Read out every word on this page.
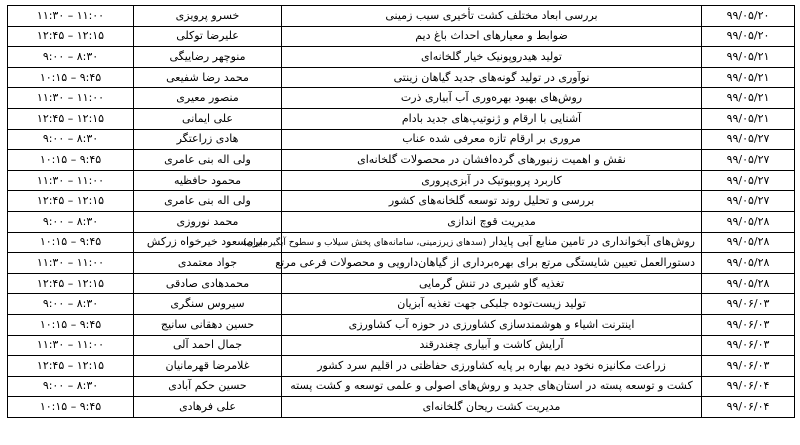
۱۱:۰۰ – ۱۱:۳۰	خسرو پرویزی	بررسی ابعاد مختلف کشت تأخیری سیب زمینی	۹۹/۰۵/۲۰
۱۲:۱۵ – ۱۲:۴۵	علیرضا توکلی	ضوابط و معیارهای احداث باغ دیم	۹۹/۰۵/۲۰
۸:۳۰ – ۹:۰۰	منوچهر رضاییگی	تولید هیدروپونیک خیار گلخانه‌ای	۹۹/۰۵/۲۱
۹:۴۵ – ۱۰:۱۵	محمد رضا شفیعی	نوآوری در تولید گونه‌های جدید گیاهان زینتی	۹۹/۰۵/۲۱
۱۱:۰۰ – ۱۱:۳۰	منصور معیری	روش‌های بهبود بهره‌وری آب آبیاری ذرت	۹۹/۰۵/۲۱
۱۲:۱۵ – ۱۲:۴۵	علی ایمانی	آشنایی با ارقام و ژنوتیپ‌های جدید بادام	۹۹/۰۵/۲۱
۸:۳۰ – ۹:۰۰	هادی زراعتگر	مروری بر ارقام تازه معرفی شده عناب	۹۹/۰۵/۲۷
۹:۴۵ – ۱۰:۱۵	ولی اله بنی عامری	نقش و اهمیت زنبورهای گرده‌افشان در محصولات گلخانه‌ای	۹۹/۰۵/۲۷
۱۱:۰۰ – ۱۱:۳۰	محمود حافظیه	کاربرد پروبیوتیک در آبزی‌پروری	۹۹/۰۵/۲۷
۱۲:۱۵ – ۱۲:۴۵	ولی اله بنی عامری	بررسی و تحلیل روند توسعه گلخانه‌های کشور	۹۹/۰۵/۲۷
۸:۳۰ – ۹:۰۰	محمد نوروزی	مدیریت قوچ اندازی	۹۹/۰۵/۲۸
۹:۴۵ – ۱۰:۱۵	میرمسعود خیرخواه زرکش	روش‌های آبخوانداری در تامین منابع آبی پایدار (سدهای زیرزمینی، سامانه‌های پخش سیلاب و سطوح آبگیر باران)	۹۹/۰۵/۲۸
۱۱:۰۰ – ۱۱:۳۰	جواد معتمدی	دستورالعمل تعیین شایستگی مرتع برای بهره‌برداری از گیاهان‌دارویی و محصولات فرعی مرتع	۹۹/۰۵/۲۸
۱۲:۱۵ – ۱۲:۴۵	محمدهادی صادقی	تغذیه گاو شیری در تنش گرمایی	۹۹/۰۵/۲۸
۸:۳۰ – ۹:۰۰	سیروس سنگری	تولید زیست‌توده جلبکی جهت تغذیه آبزیان	۹۹/۰۶/۰۳
۹:۴۵ – ۱۰:۱۵	حسین دهقانی سانیج	اینترنت اشیاء و هوشمندسازی کشاورزی در حوزه آب کشاورزی	۹۹/۰۶/۰۳
۱۱:۰۰ – ۱۱:۳۰	جمال احمد آلی	آرایش کاشت و آبیاری چغندرقند	۹۹/۰۶/۰۳
۱۲:۱۵ – ۱۲:۴۵	غلامرضا قهرمانیان	زراعت مکانیزه نخود دیم بهاره بر پایه کشاورزی حفاظتی در اقلیم سرد کشور	۹۹/۰۶/۰۳
۸:۳۰ – ۹:۰۰	حسین حکم آبادی	کشت و توسعه پسته در استان‌های جدید و روش‌های اصولی و علمی توسعه و کشت پسته	۹۹/۰۶/۰۴
۹:۴۵ – ۱۰:۱۵	علی فرهادی	مدیریت کشت ریحان گلخانه‌ای	۹۹/۰۶/۰۴
